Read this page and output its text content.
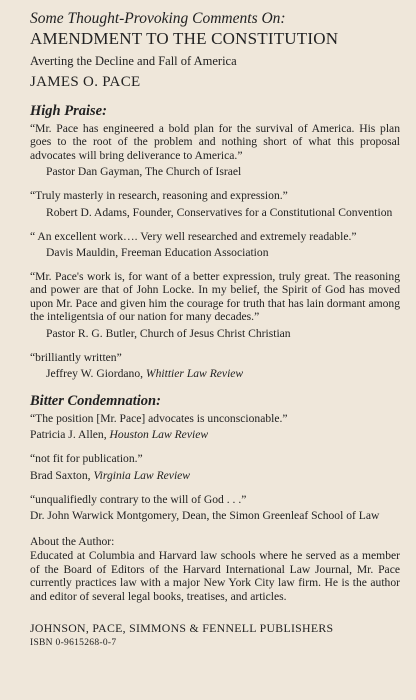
Some Thought-Provoking Comments On:

AMENDMENT TO THE CONSTITUTION

Averting the Decline and Fall of America

JAMES O. PACE

High Praise:

“Mr. Pace has engineered a bold plan for the survival of America. His plan goes to the root of the problem and nothing short of what this proposal advocates will bring deliverance to America.”

Pastor Dan Gayman, The Church of Israel

“Truly masterly in research, reasoning and expression.”

Robert D. Adams, Founder, Conservatives for a Constitutional Convention

“ An excellent work…. Very well researched and extremely readable.”

Davis Mauldin, Freeman Education Association

“Mr. Pace's work is, for want of a better expression, truly great. The reasoning and power are that of John Locke. In my belief, the Spirit of God has moved upon Mr. Pace and given him the courage for truth that has lain dormant among the inteligentsia of our nation for many decades.”

Pastor R. G. Butler, Church of Jesus Christ Christian

“brilliantly written”

Jeffrey W. Giordano, Whittier Law Review

Bitter Condemnation:

“The position [Mr. Pace] advocates is unconscionable.”

Patricia J. Allen, Houston Law Review

“not fit for publication.”

Brad Saxton, Virginia Law Review

“unqualifiedly contrary to the will of God . . .”

Dr. John Warwick Montgomery, Dean, the Simon Greenleaf School of Law

About the Author:

Educated at Columbia and Harvard law schools where he served as a member of the Board of Editors of the Harvard International Law Journal, Mr. Pace currently practices law with a major New York City law firm. He is the author and editor of several legal books, treatises, and articles.

JOHNSON, PACE, SIMMONS & FENNELL PUBLISHERS

ISBN 0-9615268-0-7
